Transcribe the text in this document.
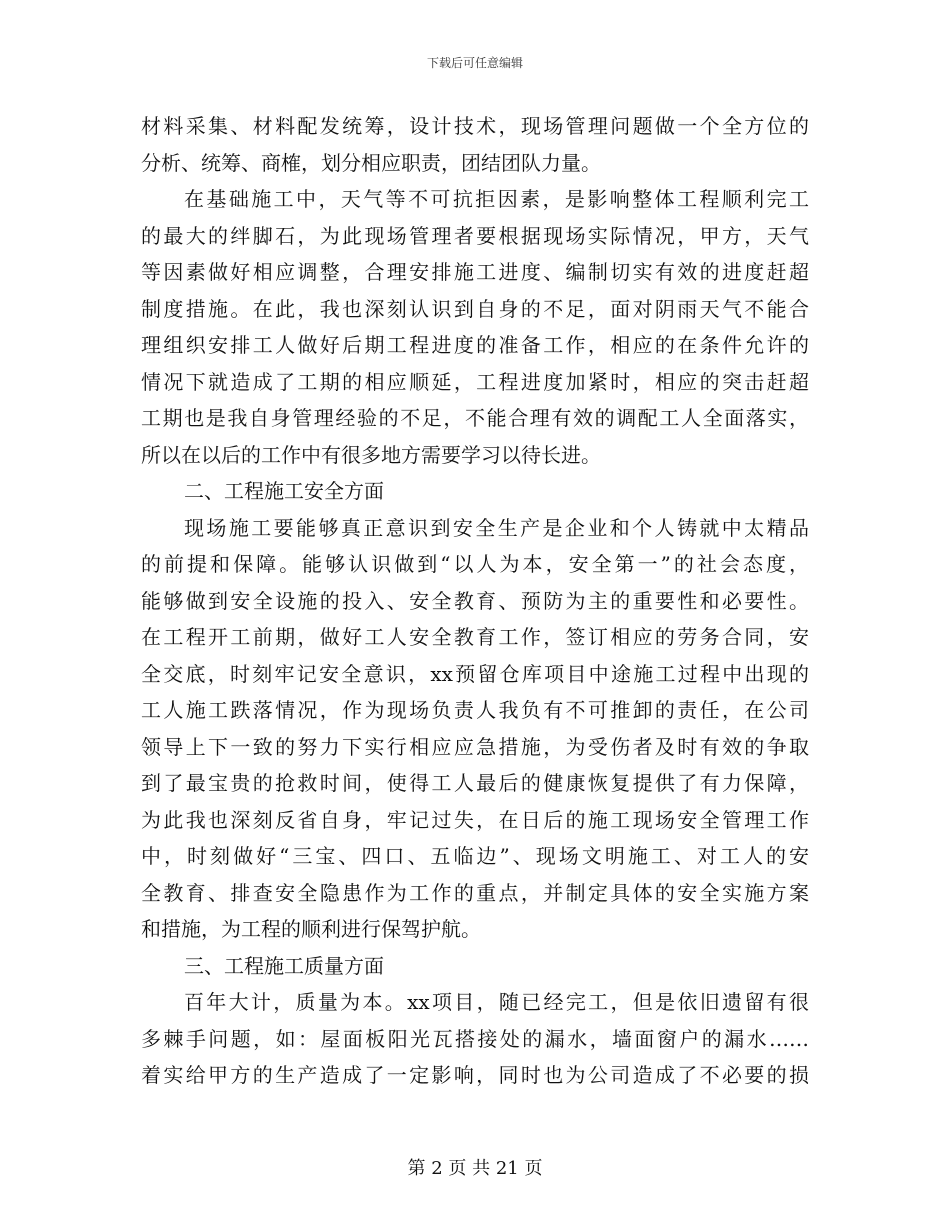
下载后可任意编辑
材料采集、材料配发统筹，设计技术，现场管理问题做一个全方位的
分析、统筹、商榷，划分相应职责，团结团队力量。
在基础施工中，天气等不可抗拒因素，是影响整体工程顺利完工
的最大的绊脚石，为此现场管理者要根据现场实际情况，甲方，天气
等因素做好相应调整，合理安排施工进度、编制切实有效的进度赶超
制度措施。在此，我也深刻认识到自身的不足，面对阴雨天气不能合
理组织安排工人做好后期工程进度的准备工作，相应的在条件允许的
情况下就造成了工期的相应顺延，工程进度加紧时，相应的突击赶超
工期也是我自身管理经验的不足，不能合理有效的调配工人全面落实，
所以在以后的工作中有很多地方需要学习以待长进。
二、工程施工安全方面
现场施工要能够真正意识到安全生产是企业和个人铸就中太精品
的前提和保障。能够认识做到“以人为本，安全第一”的社会态度，
能够做到安全设施的投入、安全教育、预防为主的重要性和必要性。
在工程开工前期，做好工人安全教育工作，签订相应的劳务合同，安
全交底，时刻牢记安全意识，xx预留仓库项目中途施工过程中出现的
工人施工跌落情况，作为现场负责人我负有不可推卸的责任，在公司
领导上下一致的努力下实行相应应急措施，为受伤者及时有效的争取
到了最宝贵的抢救时间，使得工人最后的健康恢复提供了有力保障，
为此我也深刻反省自身，牢记过失，在日后的施工现场安全管理工作
中，时刻做好“三宝、四口、五临边”、现场文明施工、对工人的安
全教育、排查安全隐患作为工作的重点，并制定具体的安全实施方案
和措施，为工程的顺利进行保驾护航。
三、工程施工质量方面
百年大计，质量为本。xx项目，随已经完工，但是依旧遗留有很
多棘手问题，如：屋面板阳光瓦搭接处的漏水，墙面窗户的漏水……
着实给甲方的生产造成了一定影响，同时也为公司造成了不必要的损
第 2 页 共 21 页
